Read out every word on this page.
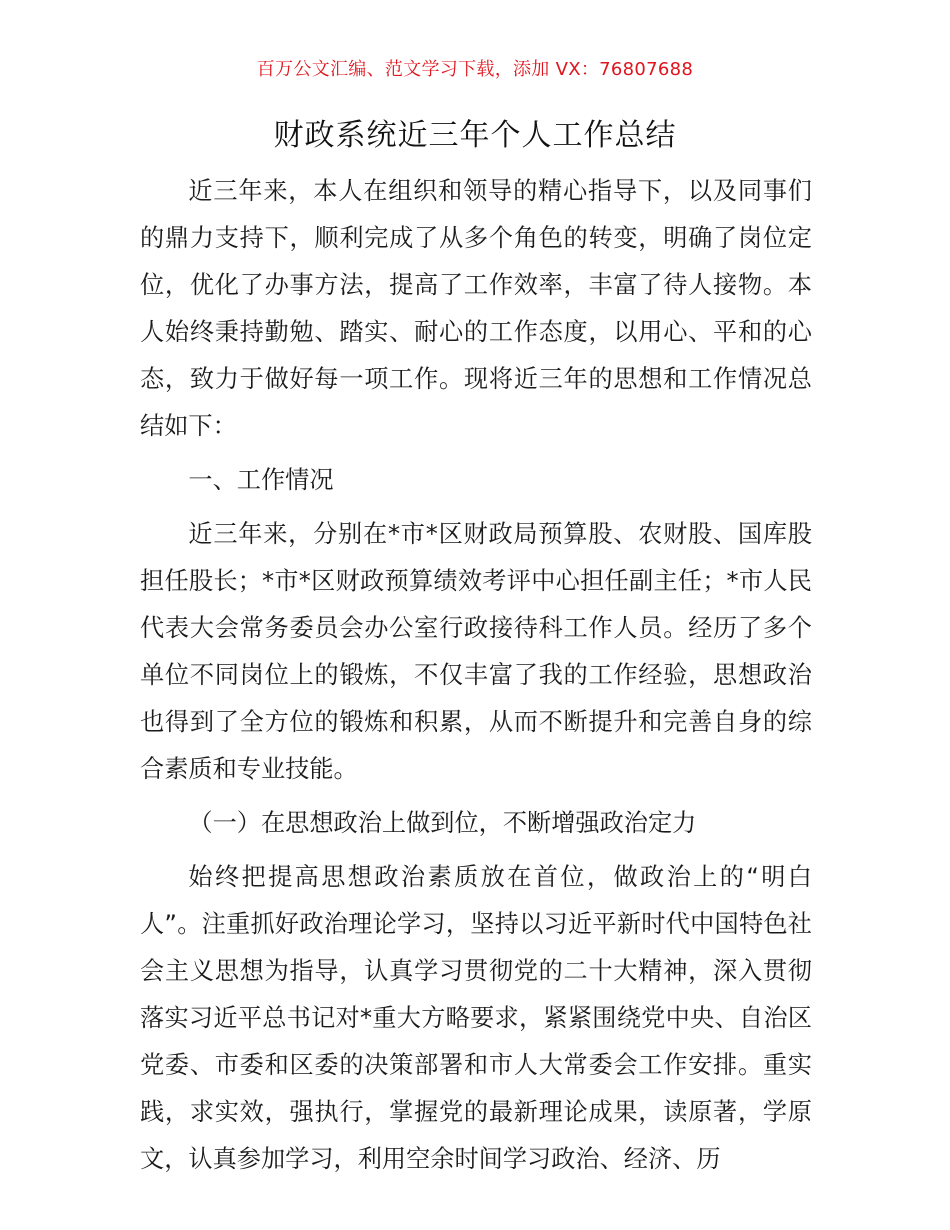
百万公文汇编、范文学习下载，添加 VX：76807688
财政系统近三年个人工作总结

近三年来，本人在组织和领导的精心指导下，以及同事们的鼎力支持下，顺利完成了从多个角色的转变，明确了岗位定位，优化了办事方法，提高了工作效率，丰富了待人接物。本人始终秉持勤勉、踏实、耐心的工作态度，以用心、平和的心态，致力于做好每一项工作。现将近三年的思想和工作情况总结如下：

一、工作情况

近三年来，分别在*市*区财政局预算股、农财股、国库股担任股长；*市*区财政预算绩效考评中心担任副主任；*市人民代表大会常务委员会办公室行政接待科工作人员。经历了多个单位不同岗位上的锻炼，不仅丰富了我的工作经验，思想政治也得到了全方位的锻炼和积累，从而不断提升和完善自身的综合素质和专业技能。

（一）在思想政治上做到位，不断增强政治定力

始终把提高思想政治素质放在首位，做政治上的“明白人”。注重抓好政治理论学习，坚持以习近平新时代中国特色社会主义思想为指导，认真学习贯彻党的二十大精神，深入贯彻落实习近平总书记对*重大方略要求，紧紧围绕党中央、自治区党委、市委和区委的决策部署和市人大常委会工作安排。重实践，求实效，强执行，掌握党的最新理论成果，读原著，学原文，认真参加学习，利用空余时间学习政治、经济、历
